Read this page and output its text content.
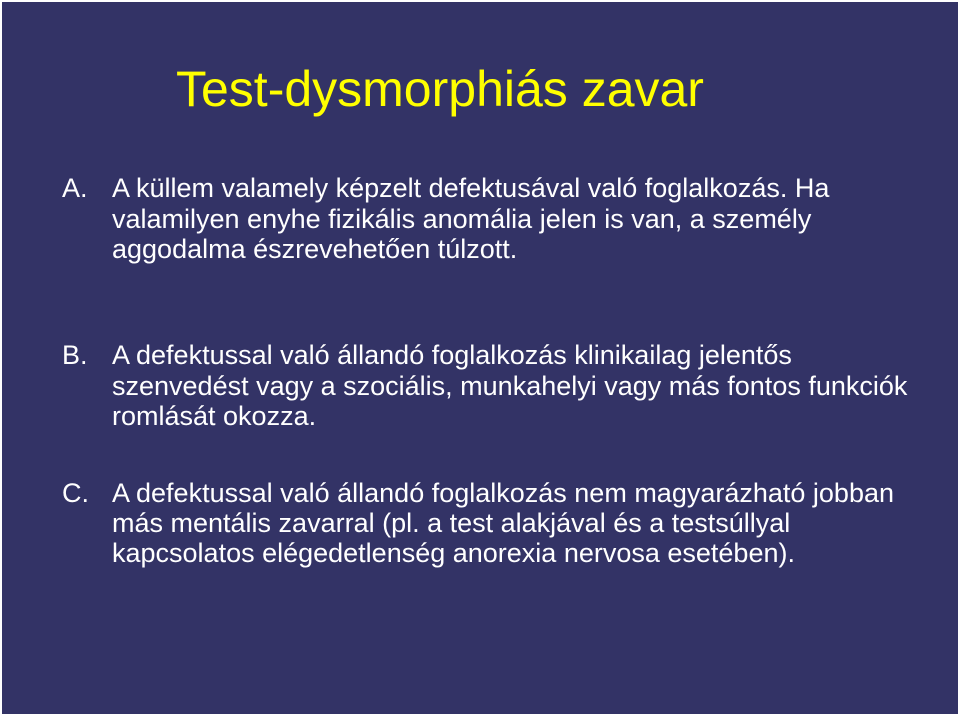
Test-dysmorphiás zavar
A. A küllem valamely képzelt defektusával való foglalkozás. Ha valamilyen enyhe fizikális anomália jelen is van, a személy aggodalma észrevehetően túlzott.
B. A defektussal való állandó foglalkozás klinikailag jelentős szenvedést vagy a szociális, munkahelyi vagy más fontos funkciók romlását okozza.
C. A defektussal való állandó foglalkozás nem magyarázható jobban más mentális zavarral (pl. a test alakjával és a testsúllyal kapcsolatos elégedetlenség anorexia nervosa esetében).
